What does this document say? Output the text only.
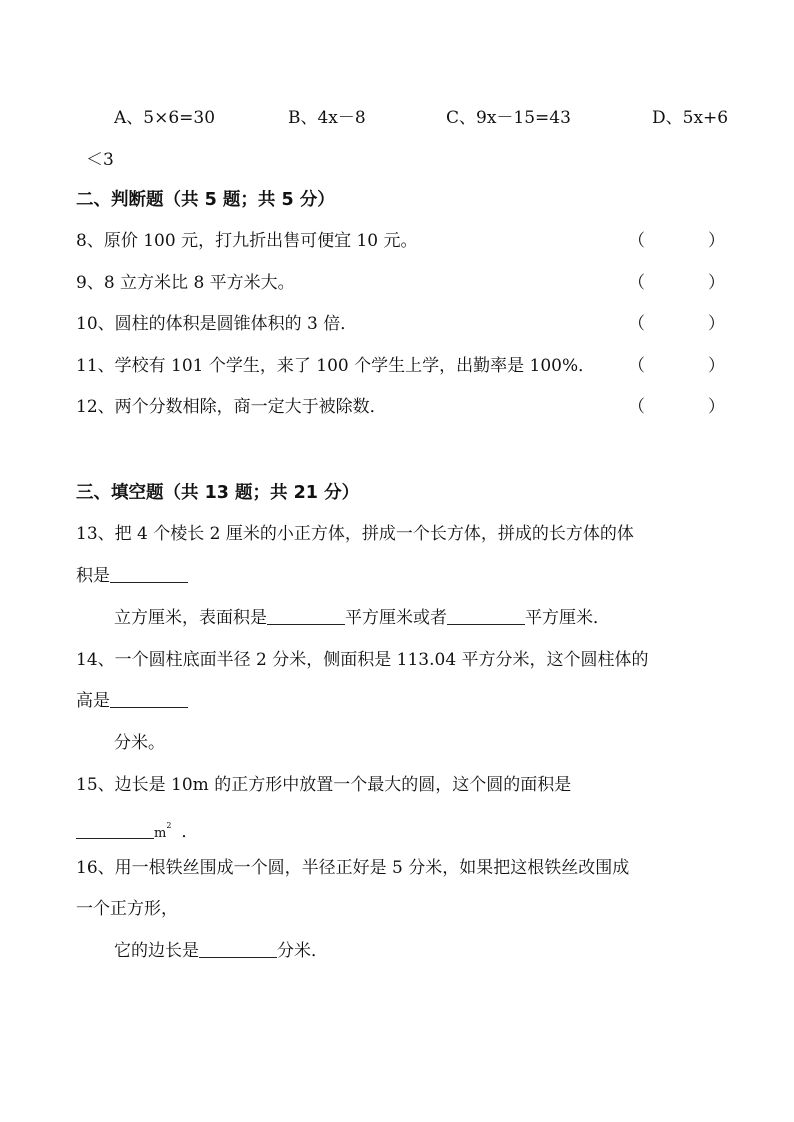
A、5×6=30	B、4x－8	C、9x－15=43	D、5x+6
＜3
二、判断题（共 5 题；共 5 分）
8、原价 100 元，打九折出售可便宜 10 元。	（	）
9、8 立方米比 8 平方米大。	（	）
10、圆柱的体积是圆锥体积的 3 倍．	（	）
11、学校有 101 个学生，来了 100 个学生上学，出勤率是 100%． （	）
12、两个分数相除，商一定大于被除数．	（	）
三、填空题（共 13 题；共 21 分）
13、把 4 个棱长 2 厘米的小正方体，拼成一个长方体，拼成的长方体的体
积是
立方厘米，表面积是	平方厘米或者	平方厘米．
14、一个圆柱底面半径 2 分米，侧面积是 113.04 平方分米，这个圆柱体的
高是
分米。
15、边长是 10m 的正方形中放置一个最大的圆，这个圆的面积是
$m^2$ ．
16、用一根铁丝围成一个圆，半径正好是 5 分米，如果把这根铁丝改围成
一个正方形，
它的边长是	分米．
